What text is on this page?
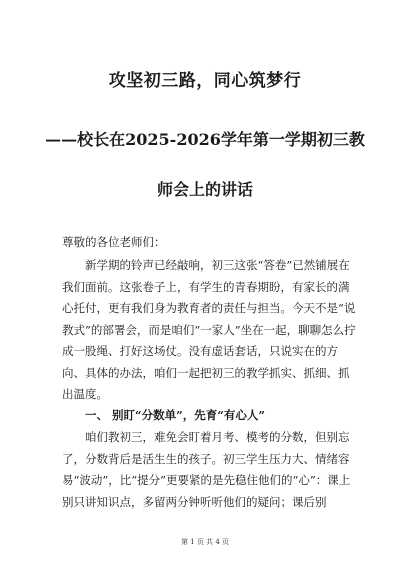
攻坚初三路，同心筑梦行
——校长在2025-2026学年第一学期初三教
师会上的讲话
尊敬的各位老师们：
新学期的铃声已经敲响，初三这张“答卷”已然铺展在我们面前。这张卷子上，有学生的青春期盼，有家长的满心托付，更有我们身为教育者的责任与担当。今天不是“说教式”的部署会，而是咱们“一家人”坐在一起，聊聊怎么拧成一股绳、打好这场仗。没有虚话套话，只说实在的方向、具体的办法，咱们一起把初三的教学抓实、抓细、抓出温度。
一、 别盯“分数单”，先育“有心人”
咱们教初三，难免会盯着月考、模考的分数，但别忘了，分数背后是活生生的孩子。初三学生压力大、情绪容易“波动”，比“提分”更要紧的是先稳住他们的“心”：课上别只讲知识点，多留两分钟听听他们的疑问；课后别
第 1 页 共 4 页
